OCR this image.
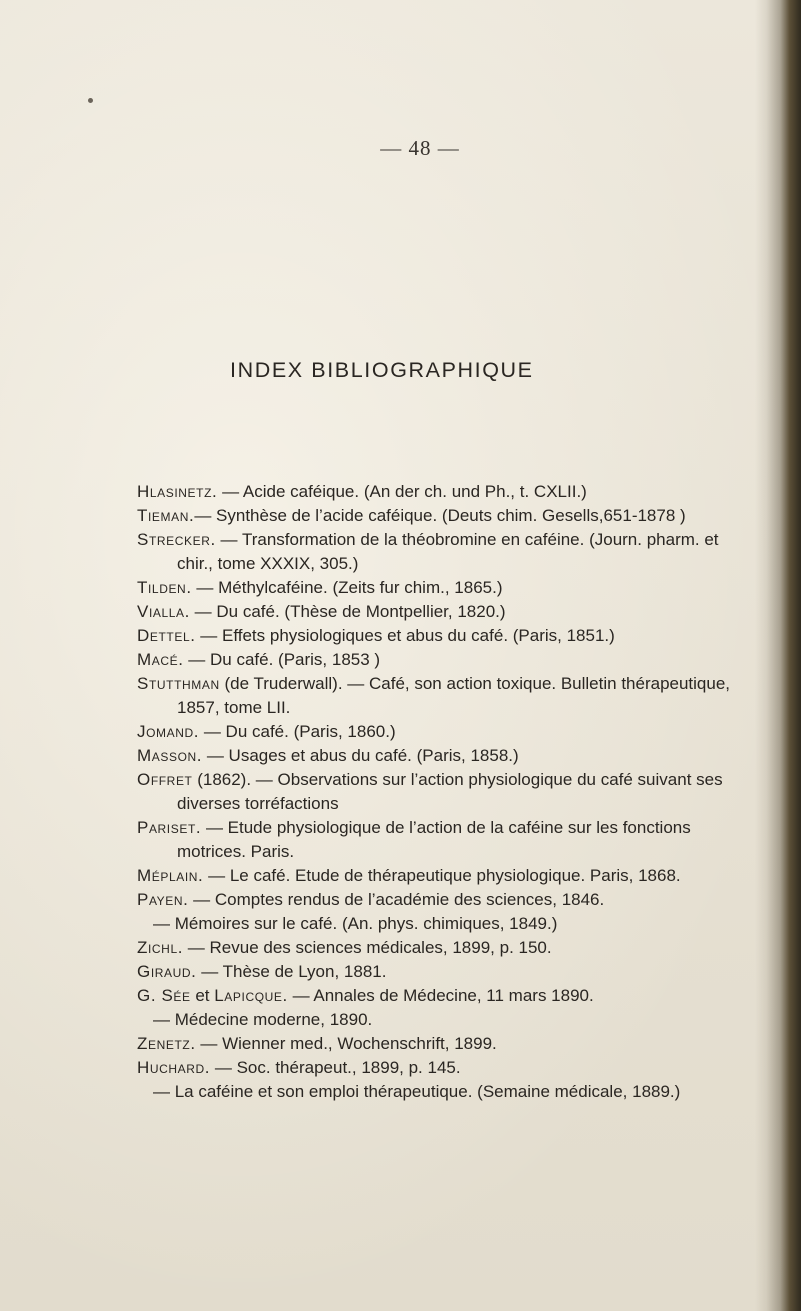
— 48 —
INDEX BIBLIOGRAPHIQUE
Hlasinetz. — Acide caféique. (An der ch. und Ph., t. CXLII.)
Tieman.— Synthèse de l’acide caféique. (Deuts chim. Gesells,651-1878 )
Strecker. — Transformation de la théobromine en caféine. (Journ. pharm. et chir., tome XXXIX, 305.)
Tilden. — Méthylcaféine. (Zeits fur chim., 1865.)
Vialla. — Du café. (Thèse de Montpellier, 1820.)
Dettel. — Effets physiologiques et abus du café. (Paris, 1851.)
Macé. — Du café. (Paris, 1853 )
Stutthman (de Truderwall). — Café, son action toxique. Bulletin thérapeutique, 1857, tome LII.
Jomand. — Du café. (Paris, 1860.)
Masson. — Usages et abus du café. (Paris, 1858.)
Offret (1862). — Observations sur l’action physiologique du café suivant ses diverses torréfactions
Pariset. — Etude physiologique de l’action de la caféine sur les fonctions motrices. Paris.
Méplain. — Le café. Etude de thérapeutique physiologique. Paris, 1868.
Payen. — Comptes rendus de l’académie des sciences, 1846.
— Mémoires sur le café. (An. phys. chimiques, 1849.)
Zichl. — Revue des sciences médicales, 1899, p. 150.
Giraud. — Thèse de Lyon, 1881.
G. Sée et Lapicque. — Annales de Médecine, 11 mars 1890.
— Médecine moderne, 1890.
Zenetz. — Wienner med., Wochenschrift, 1899.
Huchard. — Soc. thérapeut., 1899, p. 145.
— La caféine et son emploi thérapeutique. (Semaine médicale, 1889.)
